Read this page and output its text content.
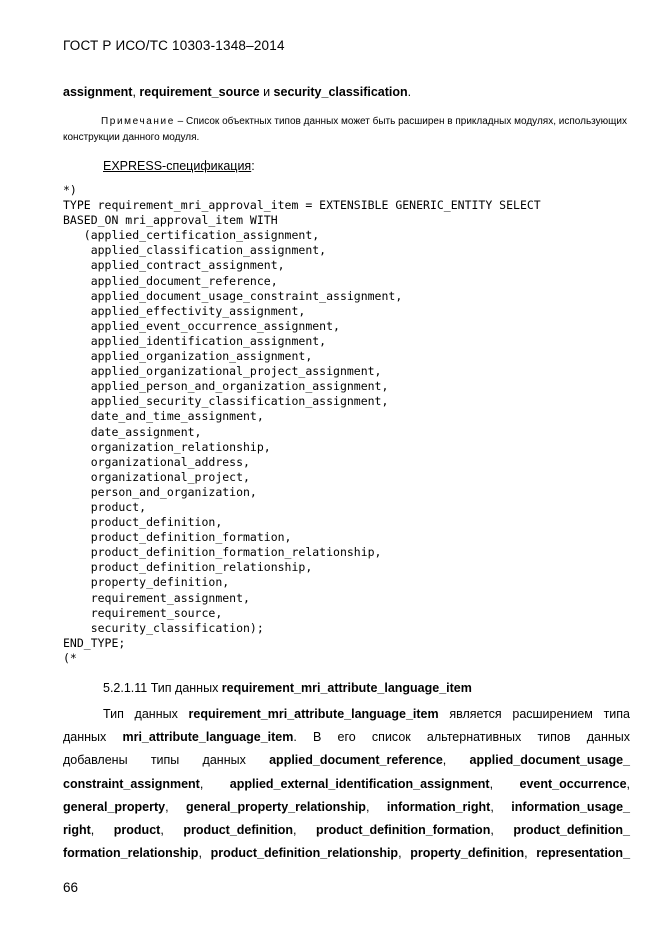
ГОСТ Р ИСО/ТС 10303-1348–2014
assignment, requirement_source и security_classification.
Примечание – Список объектных типов данных может быть расширен в прикладных модулях, использующих конструкции данного модуля.
EXPRESS-спецификация:
*)
TYPE requirement_mri_approval_item = EXTENSIBLE GENERIC_ENTITY SELECT
BASED_ON mri_approval_item WITH
(applied_certification_assignment,
applied_classification_assignment,
applied_contract_assignment,
applied_document_reference,
applied_document_usage_constraint_assignment,
applied_effectivity_assignment,
applied_event_occurrence_assignment,
applied_identification_assignment,
applied_organization_assignment,
applied_organizational_project_assignment,
applied_person_and_organization_assignment,
applied_security_classification_assignment,
date_and_time_assignment,
date_assignment,
organization_relationship,
organizational_address,
organizational_project,
person_and_organization,
product,
product_definition,
product_definition_formation,
product_definition_formation_relationship,
product_definition_relationship,
property_definition,
requirement_assignment,
requirement_source,
security_classification);
END_TYPE;
(*
5.2.1.11 Тип данных requirement_mri_attribute_language_item
Тип данных requirement_mri_attribute_language_item является расширением типа
данных mri_attribute_language_item. В его список альтернативных типов данных
добавлены типы данных applied_document_reference, applied_document_usage_
constraint_assignment, applied_external_identification_assignment, event_occurrence,
general_property, general_property_relationship, information_right, information_usage_
right, product, product_definition, product_definition_formation, product_definition_
formation_relationship, product_definition_relationship, property_definition, representation_
66
